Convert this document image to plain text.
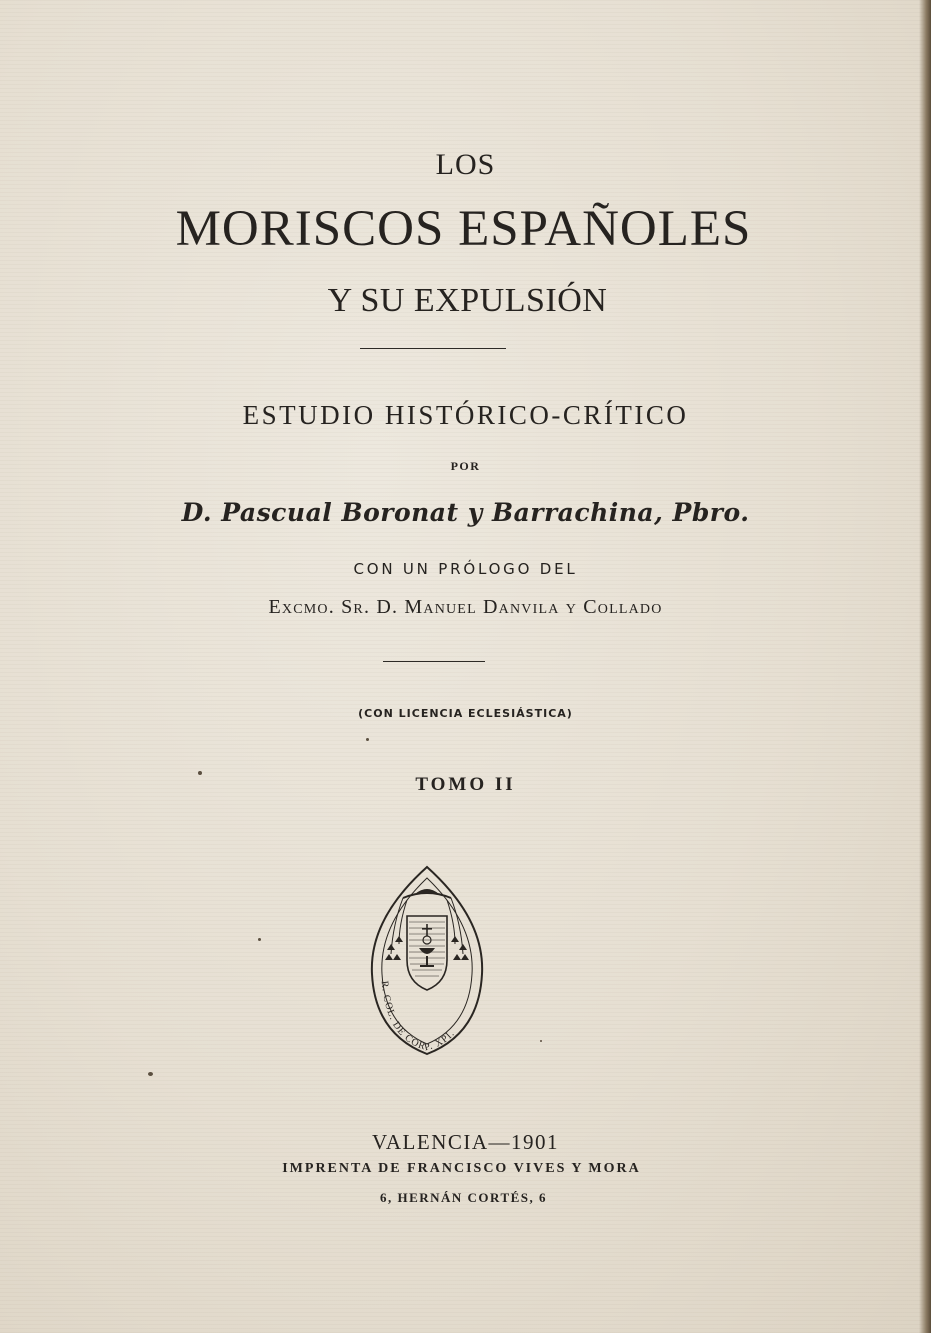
LOS
MORISCOS ESPAÑOLES
Y SU EXPULSIÓN
ESTUDIO HISTÓRICO-CRÍTICO
POR
D. Pascual Boronat y Barrachina, Pbro.
CON UN PRÓLOGO DEL
Excmo. Sr. D. Manuel Danvila y Collado
(CON LICENCIA ECLESIÁSTICA)
TOMO II
R. COL. DE CORP. XPI.
VALENCIA—1901
IMPRENTA DE FRANCISCO VIVES Y MORA
6, HERNÁN CORTÉS, 6
